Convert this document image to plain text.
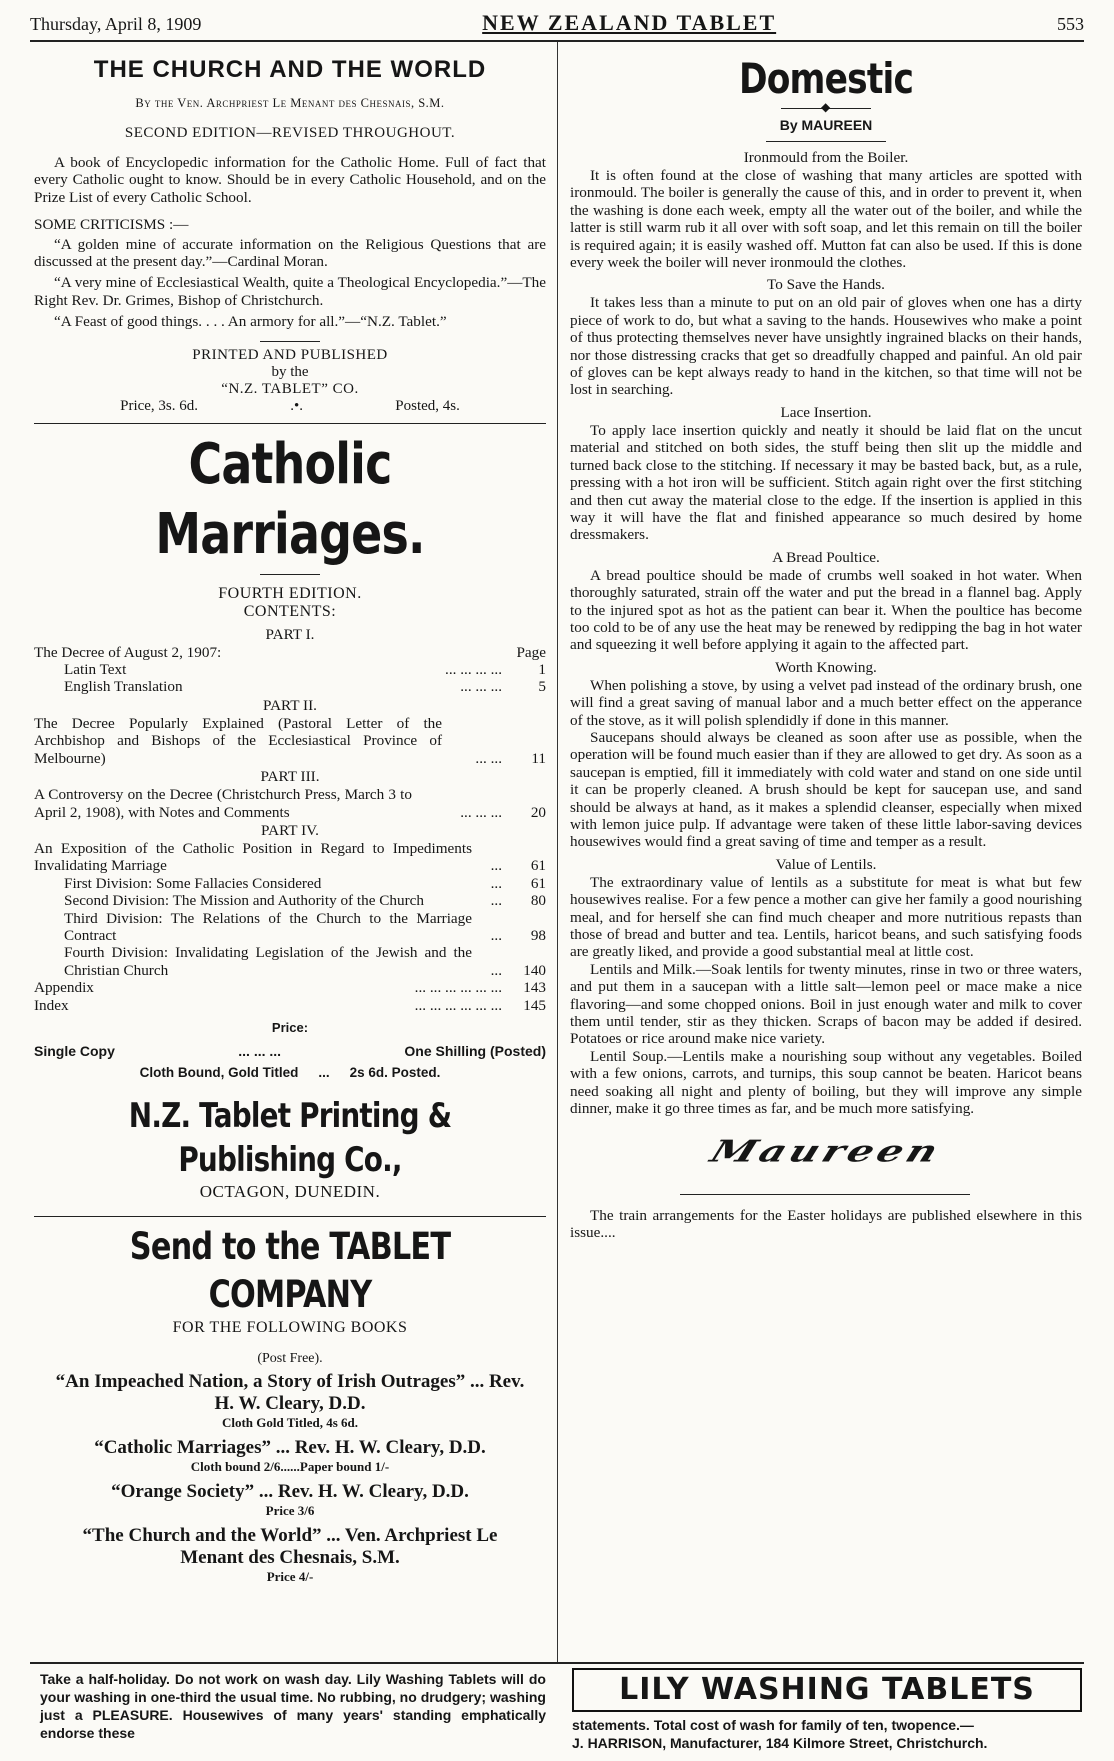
Thursday, April 8, 1909	NEW ZEALAND TABLET	553
THE CHURCH AND THE WORLD
By the Ven. Archpriest Le Menant des Chesnais, S.M.
SECOND EDITION—REVISED THROUGHOUT.

A book of Encyclopedic information for the Catholic Home. Full of fact that every Catholic ought to know. Should be in every Catholic Household, and on the Prize List of every Catholic School.

SOME CRITICISMS :—

“A golden mine of accurate information on the Religious Questions that are discussed at the present day.”—Cardinal Moran.

“A very mine of Ecclesiastical Wealth, quite a Theological Encyclopedia.”—The Right Rev. Dr. Grimes, Bishop of Christchurch.

“A Feast of good things. . . . An armory for all.”—“N.Z. Tablet.”

PRINTED AND PUBLISHED
by the
“N.Z. TABLET” CO.
Price, 3s. 6d.	.•.	Posted, 4s.
Catholic Marriages.
FOURTH EDITION.
CONTENTS:
PART I.
The Decree of August 2, 1907:	Page
Latin Text	... ... ... ...	1
English Translation	... ... ...	5
PART II.
The Decree Popularly Explained (Pastoral Letter of the Archbishop and Bishops of the Ecclesiastical Province of Melbourne)	... ...	11
PART III.
A Controversy on the Decree (Christchurch Press, March 3 to April 2, 1908), with Notes and Comments	... ... ...	20
PART IV.
An Exposition of the Catholic Position in Regard to Impediments Invalidating Marriage	...	61
First Division: Some Fallacies Considered	...	61
Second Division: The Mission and Authority of the Church	...	80
Third Division: The Relations of the Church to the Marriage Contract	...	98
Fourth Division: Invalidating Legislation of the Jewish and the Christian Church	...	140
Appendix	... ... ... ... ... ...	143
Index	... ... ... ... ... ...	145
Price:
Single Copy	... ... ...	One Shilling (Posted)
Cloth Bound, Gold Titled ... 2s 6d. Posted.
N.Z. Tablet Printing & Publishing Co.,
OCTAGON, DUNEDIN.
Send to the TABLET COMPANY
FOR THE FOLLOWING BOOKS
(Post Free).
“An Impeached Nation, a Story of Irish Outrages” ... Rev. H. W. Cleary, D.D.
Cloth Gold Titled, 4s 6d.
“Catholic Marriages” ... Rev. H. W. Cleary, D.D.
Cloth bound 2/6......Paper bound 1/-
“Orange Society” ... Rev. H. W. Cleary, D.D.
Price 3/6
“The Church and the World” ... Ven. Archpriest Le Menant des Chesnais, S.M.
Price 4/-
Domestic
◆
By MAUREEN
Ironmould from the Boiler.

It is often found at the close of washing that many articles are spotted with ironmould. The boiler is generally the cause of this, and in order to prevent it, when the washing is done each week, empty all the water out of the boiler, and while the latter is still warm rub it all over with soft soap, and let this remain on till the boiler is required again; it is easily washed off. Mutton fat can also be used. If this is done every week the boiler will never ironmould the clothes.

To Save the Hands.

It takes less than a minute to put on an old pair of gloves when one has a dirty piece of work to do, but what a saving to the hands. Housewives who make a point of thus protecting themselves never have unsightly ingrained blacks on their hands, nor those distressing cracks that get so dreadfully chapped and painful. An old pair of gloves can be kept always ready to hand in the kitchen, so that time will not be lost in searching.

Lace Insertion.

To apply lace insertion quickly and neatly it should be laid flat on the uncut material and stitched on both sides, the stuff being then slit up the middle and turned back close to the stitching. If necessary it may be basted back, but, as a rule, pressing with a hot iron will be sufficient. Stitch again right over the first stitching and then cut away the material close to the edge. If the insertion is applied in this way it will have the flat and finished appearance so much desired by home dressmakers.

A Bread Poultice.

A bread poultice should be made of crumbs well soaked in hot water. When thoroughly saturated, strain off the water and put the bread in a flannel bag. Apply to the injured spot as hot as the patient can bear it. When the poultice has become too cold to be of any use the heat may be renewed by redipping the bag in hot water and squeezing it well before applying it again to the affected part.

Worth Knowing.

When polishing a stove, by using a velvet pad instead of the ordinary brush, one will find a great saving of manual labor and a much better effect on the apperance of the stove, as it will polish splendidly if done in this manner.

Saucepans should always be cleaned as soon after use as possible, when the operation will be found much easier than if they are allowed to get dry. As soon as a saucepan is emptied, fill it immediately with cold water and stand on one side until it can be properly cleaned. A brush should be kept for saucepan use, and sand should be always at hand, as it makes a splendid cleanser, especially when mixed with lemon juice pulp. If advantage were taken of these little labor-saving devices housewives would find a great saving of time and temper as a result.

Value of Lentils.

The extraordinary value of lentils as a substitute for meat is what but few housewives realise. For a few pence a mother can give her family a good nourishing meal, and for herself she can find much cheaper and more nutritious repasts than those of bread and butter and tea. Lentils, haricot beans, and such satisfying foods are greatly liked, and provide a good substantial meal at little cost.

Lentils and Milk.—Soak lentils for twenty minutes, rinse in two or three waters, and put them in a saucepan with a little salt—lemon peel or mace make a nice flavoring—and some chopped onions. Boil in just enough water and milk to cover them until tender, stir as they thicken. Scraps of bacon may be added if desired. Potatoes or rice around make nice variety.

Lentil Soup.—Lentils make a nourishing soup without any vegetables. Boiled with a few onions, carrots, and turnips, this soup cannot be beaten. Haricot beans need soaking all night and plenty of boiling, but they will improve any simple dinner, make it go three times as far, and be much more satisfying.

Maureen

The train arrangements for the Easter holidays are published elsewhere in this issue....

Take a half-holiday. Do not work on wash day. Lily Washing Tablets will do your washing in one-third the usual time. No rubbing, no drudgery; washing just a PLEASURE. Housewives of many years' standing emphatically endorse these
LILY WASHING TABLETS

statements. Total cost of wash for family of ten, twopence.—

J. HARRISON, Manufacturer, 184 Kilmore Street, Christchurch.
